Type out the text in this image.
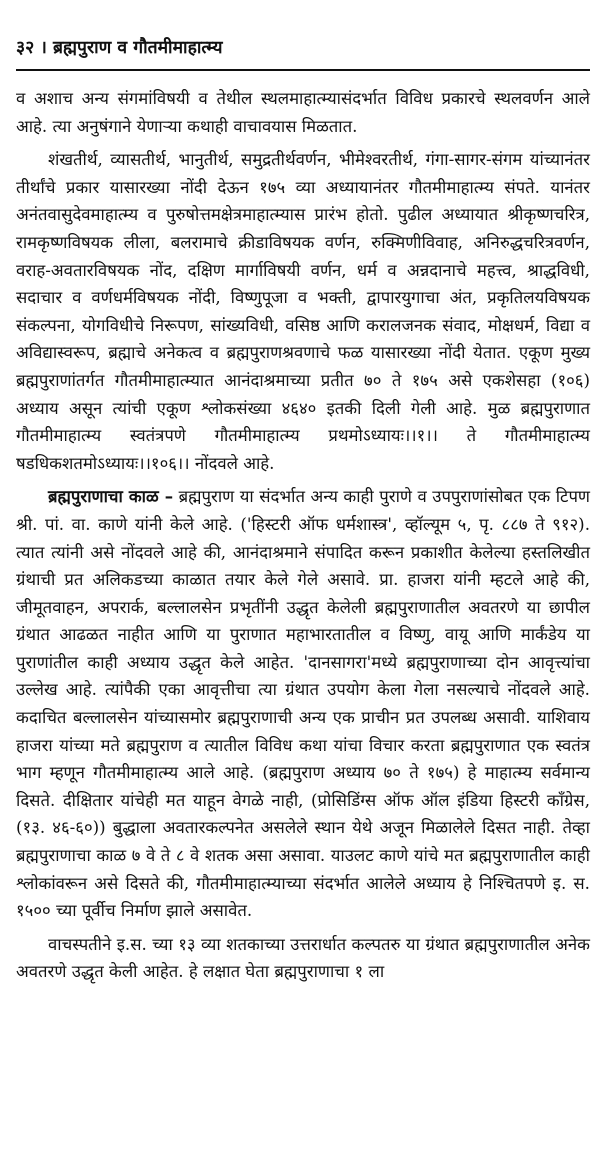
३२ । ब्रह्मपुराण व गौतमीमाहात्म्य

व अशाच अन्य संगमांविषयी व तेथील स्थलमाहात्म्यासंदर्भात विविध प्रकारचे स्थलवर्णन आले आहे. त्या अनुषंगाने येणाऱ्या कथाही वाचावयास मिळतात.

शंखतीर्थ, व्यासतीर्थ, भानुतीर्थ, समुद्रतीर्थवर्णन, भीमेश्वरतीर्थ, गंगा-सागर-संगम यांच्यानंतर तीर्थांचे प्रकार यासारख्या नोंदी देऊन १७५ व्या अध्यायानंतर गौतमीमाहात्म्य संपते. यानंतर अनंतवासुदेवमाहात्म्य व पुरुषोत्तमक्षेत्रमाहात्म्यास प्रारंभ होतो. पुढील अध्यायात श्रीकृष्णचरित्र, रामकृष्णविषयक लीला, बलरामाचे क्रीडाविषयक वर्णन, रुक्मिणीविवाह, अनिरुद्धचरित्रवर्णन, वराह-अवतारविषयक नोंद, दक्षिण मार्गाविषयी वर्णन, धर्म व अन्नदानाचे महत्त्व, श्राद्धविधी, सदाचार व वर्णधर्मविषयक नोंदी, विष्णुपूजा व भक्ती, द्वापारयुगाचा अंत, प्रकृतिलयविषयक संकल्पना, योगविधीचे निरूपण, सांख्यविधी, वसिष्ठ आणि करालजनक संवाद, मोक्षधर्म, विद्या व अविद्यास्वरूप, ब्रह्माचे अनेकत्व व ब्रह्मपुराणश्रवणाचे फळ यासारख्या नोंदी येतात. एकूण मुख्य ब्रह्मपुराणांतर्गत गौतमीमाहात्म्यात आनंदाश्रमाच्या प्रतीत ७० ते १७५ असे एकशेसहा (१०६) अध्याय असून त्यांची एकूण श्लोकसंख्या ४६४० इतकी दिली गेली आहे. मुळ ब्रह्मपुराणात गौतमीमाहात्म्य स्वतंत्रपणे गौतमीमाहात्म्य प्रथमोऽध्यायः।।१।। ते गौतमीमाहात्म्य षडधिकशतमोऽध्यायः।।१०६।। नोंदवले आहे.

ब्रह्मपुराणाचा काळ – ब्रह्मपुराण या संदर्भात अन्य काही पुराणे व उपपुराणांसोबत एक टिपण श्री. पां. वा. काणे यांनी केले आहे. ('हिस्टरी ऑफ धर्मशास्त्र', व्हॉल्यूम ५, पृ. ८८७ ते ९१२). त्यात त्यांनी असे नोंदवले आहे की, आनंदाश्रमाने संपादित करून प्रकाशीत केलेल्या हस्तलिखीत ग्रंथाची प्रत अलिकडच्या काळात तयार केले गेले असावे. प्रा. हाजरा यांनी म्हटले आहे की, जीमूतवाहन, अपरार्क, बल्लालसेन प्रभृतींनी उद्धृत केलेली ब्रह्मपुराणातील अवतरणे या छापील ग्रंथात आढळत नाहीत आणि या पुराणात महाभारतातील व विष्णु, वायू आणि मार्कंडेय या पुराणांतील काही अध्याय उद्धृत केले आहेत. 'दानसागरा'मध्ये ब्रह्मपुराणाच्या दोन आवृत्त्यांचा उल्लेख आहे. त्यांपैकी एका आवृत्तीचा त्या ग्रंथात उपयोग केला गेला नसल्याचे नोंदवले आहे. कदाचित बल्लालसेन यांच्यासमोर ब्रह्मपुराणाची अन्य एक प्राचीन प्रत उपलब्ध असावी. याशिवाय हाजरा यांच्या मते ब्रह्मपुराण व त्यातील विविध कथा यांचा विचार करता ब्रह्मपुराणात एक स्वतंत्र भाग म्हणून गौतमीमाहात्म्य आले आहे. (ब्रह्मपुराण अध्याय ७० ते १७५) हे माहात्म्य सर्वमान्य दिसते. दीक्षितार यांचेही मत याहून वेगळे नाही, (प्रोसिडिंग्स ऑफ ऑल इंडिया हिस्टरी काँग्रेस, (१३. ४६-६०)) बुद्धाला अवतारकल्पनेत असलेले स्थान येथे अजून मिळालेले दिसत नाही. तेव्हा ब्रह्मपुराणाचा काळ ७ वे ते ८ वे शतक असा असावा. याउलट काणे यांचे मत ब्रह्मपुराणातील काही श्लोकांवरून असे दिसते की, गौतमीमाहात्म्याच्या संदर्भात आलेले अध्याय हे निश्चितपणे इ. स. १५०० च्या पूर्वीच निर्माण झाले असावेत.

वाचस्पतीने इ.स. च्या १३ व्या शतकाच्या उत्तरार्धात कल्पतरु या ग्रंथात ब्रह्मपुराणातील अनेक अवतरणे उद्धृत केली आहेत. हे लक्षात घेता ब्रह्मपुराणाचा १ ला
